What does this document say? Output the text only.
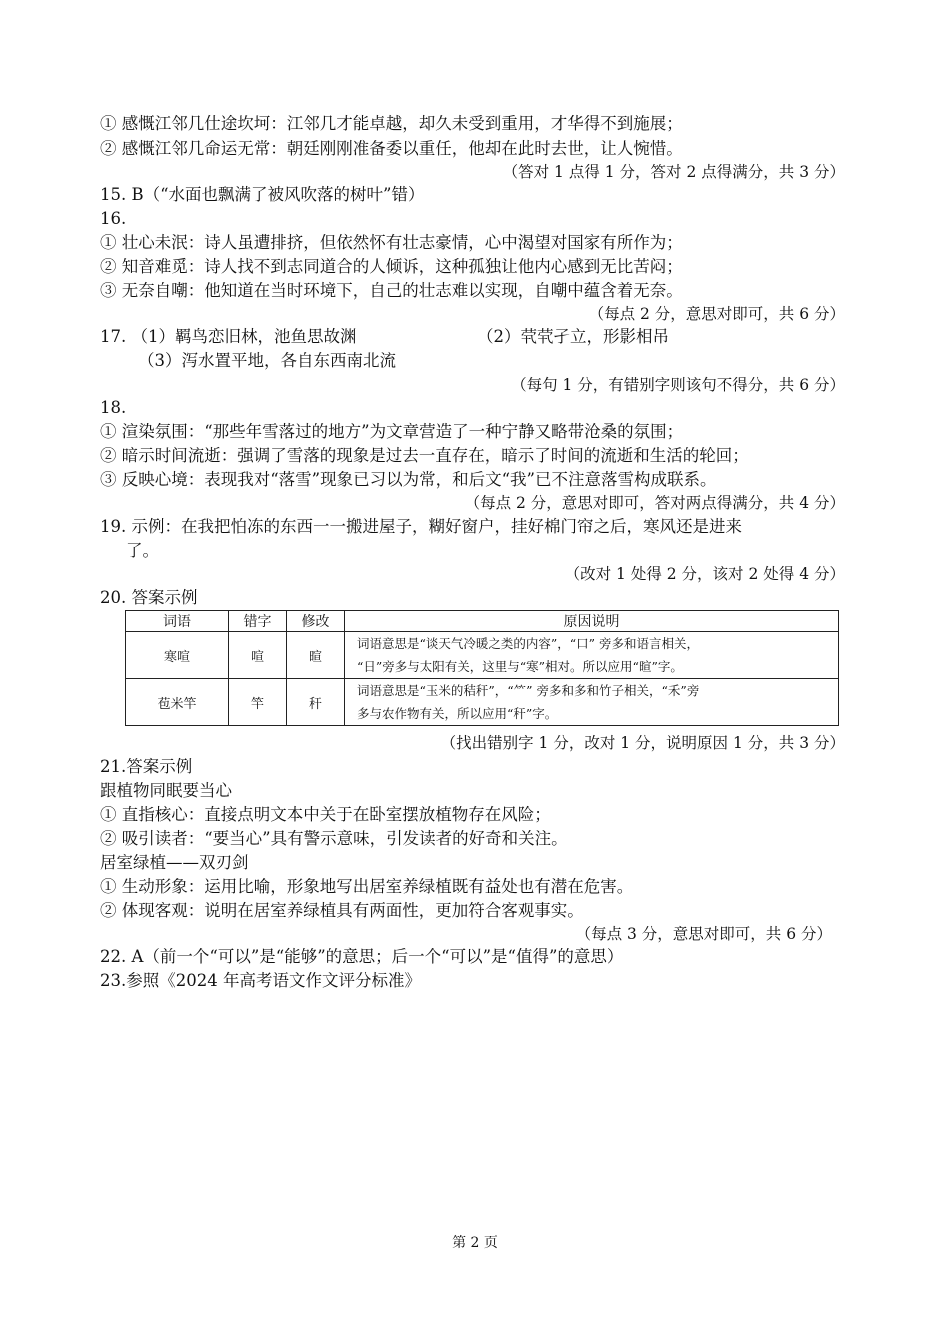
① 感慨江邻几仕途坎坷：江邻几才能卓越，却久未受到重用，才华得不到施展；
② 感慨江邻几命运无常：朝廷刚刚准备委以重任，他却在此时去世，让人惋惜。
（答对 1 点得 1 分，答对 2 点得满分，共 3 分）
15. B（“水面也飘满了被风吹落的树叶”错）
16.
① 壮心未泯：诗人虽遭排挤，但依然怀有壮志豪情，心中渴望对国家有所作为；
② 知音难觅：诗人找不到志同道合的人倾诉，这种孤独让他内心感到无比苦闷；
③ 无奈自嘲：他知道在当时环境下，自己的壮志难以实现，自嘲中蕴含着无奈。
（每点 2 分，意思对即可，共 6 分）
17. （1）羁鸟恋旧林，池鱼思故渊	（2）茕茕孑立，形影相吊
（3）泻水置平地，各自东西南北流
（每句 1 分，有错别字则该句不得分，共 6 分）
18.
① 渲染氛围：“那些年雪落过的地方”为文章营造了一种宁静又略带沧桑的氛围；
② 暗示时间流逝：强调了雪落的现象是过去一直存在，暗示了时间的流逝和生活的轮回；
③ 反映心境：表现我对“落雪”现象已习以为常，和后文“我”已不注意落雪构成联系。
（每点 2 分，意思对即可，答对两点得满分，共 4 分）
19. 示例：在我把怕冻的东西一一搬进屋子，糊好窗户，挂好棉门帘之后，寒风还是进来
了。
（改对 1 处得 2 分，该对 2 处得 4 分）
20. 答案示例
词语	错字	修改	原因说明
寒喧	喧	暄	词语意思是“谈天气冷暖之类的内容”，“口” 旁多和语言相关，
“日”旁多与太阳有关，这里与“寒”相对。所以应用“暄”字。

苞米竿	竿	秆	词语意思是“玉米的秸秆”，“⺮” 旁多和多和竹子相关，“禾”旁
多与农作物有关，所以应用“秆”字。
（找出错别字 1 分，改对 1 分，说明原因 1 分，共 3 分）
21.答案示例
跟植物同眠要当心
① 直指核心：直接点明文本中关于在卧室摆放植物存在风险；
② 吸引读者：“要当心”具有警示意味，引发读者的好奇和关注。
居室绿植——双刃剑
① 生动形象：运用比喻，形象地写出居室养绿植既有益处也有潜在危害。
② 体现客观：说明在居室养绿植具有两面性，更加符合客观事实。
（每点 3 分，意思对即可，共 6 分）
22. A（前一个“可以”是“能够”的意思；后一个“可以”是“值得”的意思）
23.参照《2024 年高考语文作文评分标准》
第 2 页
